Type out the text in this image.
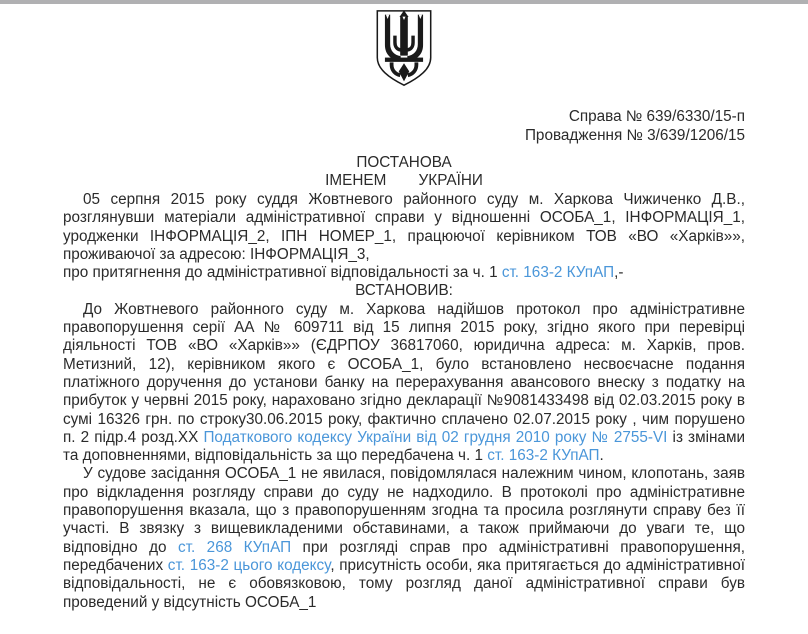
Справа № 639/6330/15-п
Провадження № 3/639/1206/15
ПОСТАНОВА
ІМЕНЕМ УКРАЇНИ

05 серпня 2015 року суддя Жовтневого районного суду м. Харкова Чижиченко Д.В., розглянувши матеріали адміністративної справи у відношенні ОСОБА_1, ІНФОРМАЦІЯ_1, уродженки ІНФОРМАЦІЯ_2, ІПН НОМЕР_1, працюючої керівником ТОВ «ВО «Харків»», проживаючої за адресою: ІНФОРМАЦІЯ_3,

про притягнення до адміністративної відповідальності за ч. 1 ст. 163-2 КУпАП,-

ВСТАНОВИВ:

До Жовтневого районного суду м. Харкова надійшов протокол про адміністративне правопорушення серії АА № 609711 від 15 липня 2015 року, згідно якого при перевірці діяльності ТОВ «ВО «Харків»» (ЄДРПОУ 36817060, юридична адреса: м. Харків, пров. Метизний, 12), керівником якого є ОСОБА_1, було встановлено несвоєчасне подання платіжного доручення до установи банку на перерахування авансового внеску з податку на прибуток у червні 2015 року, нараховано згідно декларації №9081433498 від 02.03.2015 року в сумі 16326 грн. по строку30.06.2015 року, фактично сплачено 02.07.2015 року , чим порушено п. 2 підр.4 розд.ХХ Податкового кодексу України від 02 грудня 2010 року № 2755-VI із змінами та доповненнями, відповідальність за що передбачена ч. 1 ст. 163-2 КУпАП.

У судове засідання ОСОБА_1 не явилася, повідомлялася належним чином, клопотань, заяв про відкладення розгляду справи до суду не надходило. В протоколі про адміністративне правопорушення вказала, що з правопорушенням згодна та просила розглянути справу без її участі. В звязку з вищевикладеними обставинами, а також приймаючи до уваги те, що відповідно до ст. 268 КУпАП при розгляді справ про адміністративні правопорушення, передбачених ст. 163-2 цього кодексу, присутність особи, яка притягається до адміністративної відповідальності, не є обовязковою, тому розгляд даної адміністративної справи був проведений у відсутність ОСОБА_1
